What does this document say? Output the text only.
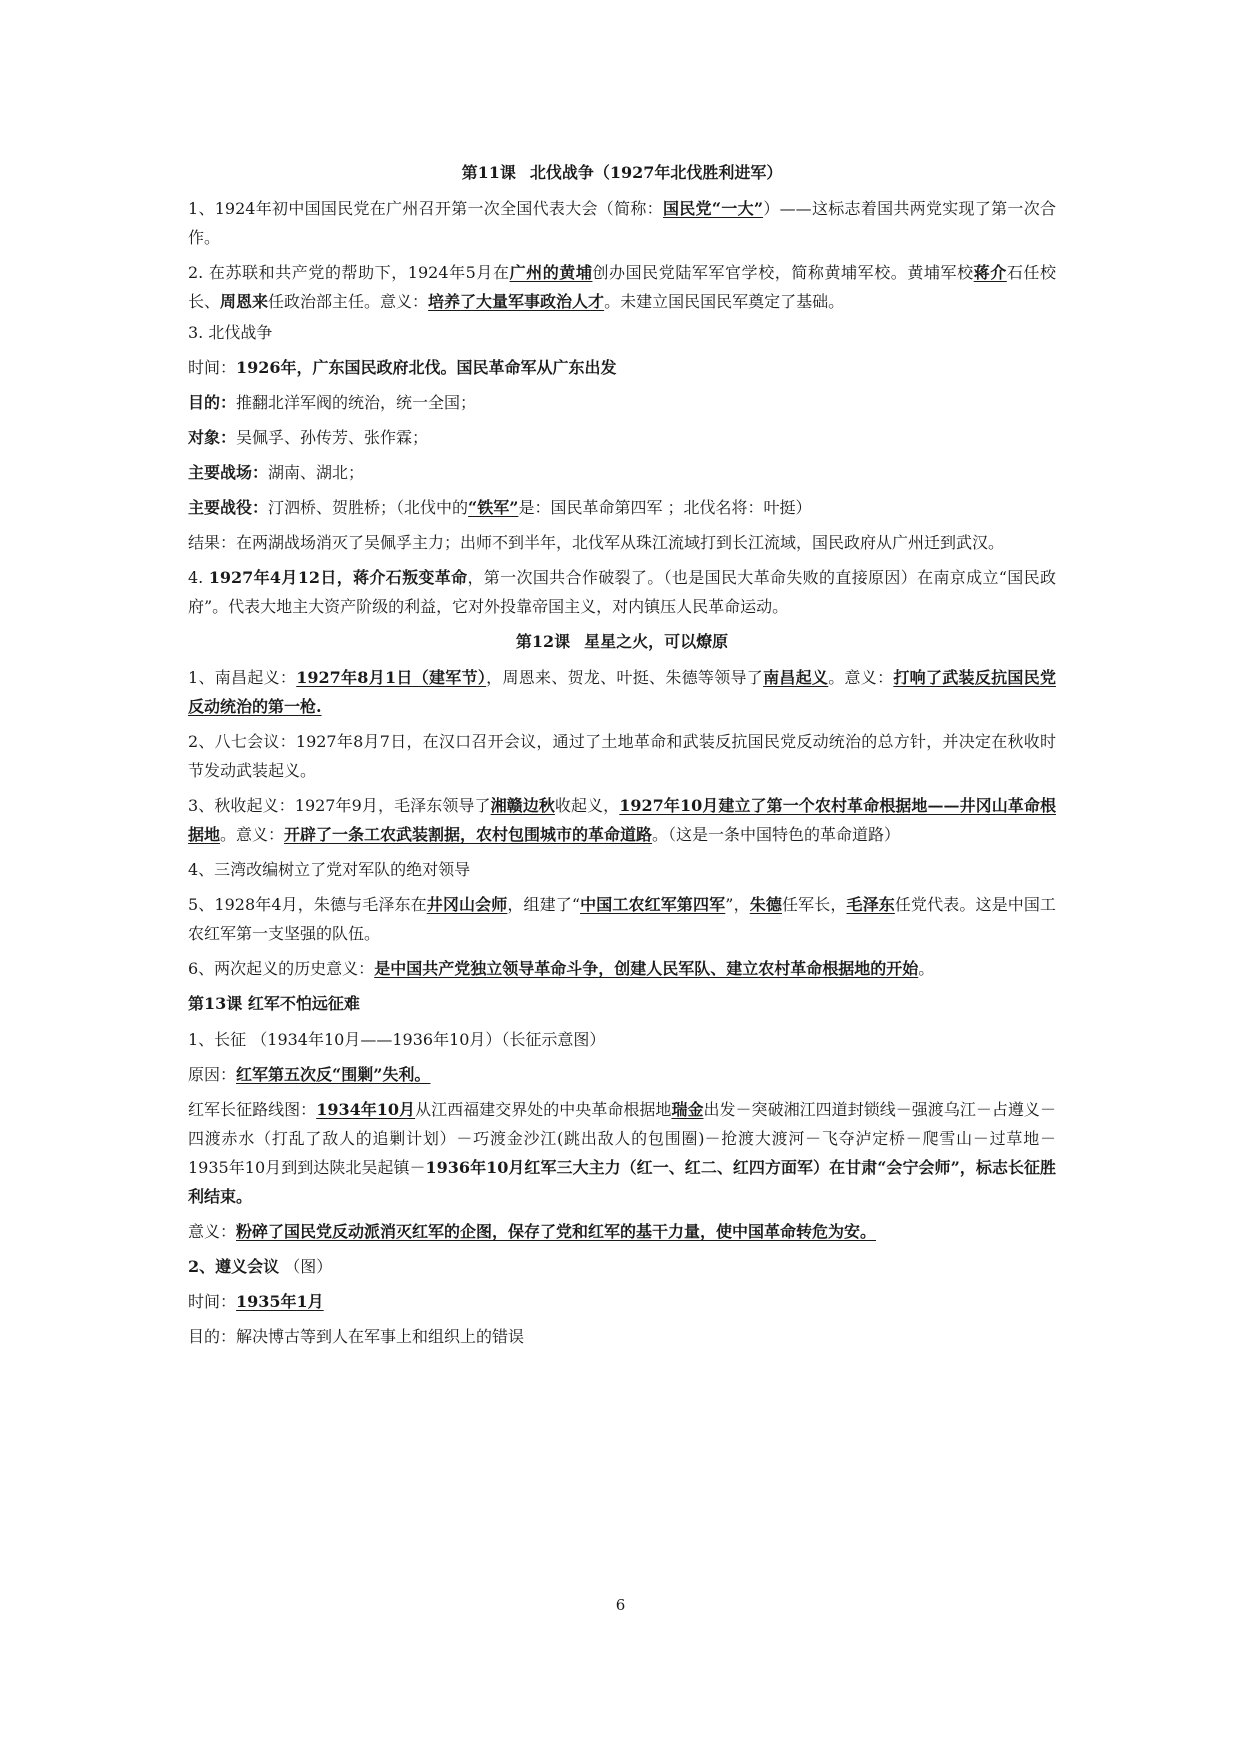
第11课 北伐战争（1927年北伐胜利进军）
1、1924年初中国国民党在广州召开第一次全国代表大会（简称：国民党“一大”）——这标志着国共两党实现了第一次合作。
2. 在苏联和共产党的帮助下，1924年5月在广州的黄埔创办国民党陆军军官学校，简称黄埔军校。黄埔军校蒋介石任校长、周恩来任政治部主任。意义：培养了大量军事政治人才。未建立国民国民军奠定了基础。
3. 北伐战争
时间：1926年，广东国民政府北伐。国民革命军从广东出发
目的：推翻北洋军阀的统治，统一全国；
对象：吴佩孚、孙传芳、张作霖；
主要战场：湖南、湖北；
主要战役：汀泗桥、贺胜桥；（北伐中的“铁军”是：国民革命第四军 ；北伐名将：叶挺）
结果：在两湖战场消灭了吴佩孚主力；出师不到半年，北伐军从珠江流域打到长江流域，国民政府从广州迁到武汉。
4. 1927年4月12日，蒋介石叛变革命，第一次国共合作破裂了。（也是国民大革命失败的直接原因）在南京成立“国民政府”。代表大地主大资产阶级的利益，它对外投靠帝国主义，对内镇压人民革命运动。
第12课 星星之火，可以燎原
1、南昌起义：1927年8月1日（建军节），周恩来、贺龙、叶挺、朱德等领导了南昌起义。意义：打响了武装反抗国民党反动统治的第一枪.
2、八七会议：1927年8月7日，在汉口召开会议，通过了土地革命和武装反抗国民党反动统治的总方针，并决定在秋收时节发动武装起义。
3、秋收起义：1927年9月，毛泽东领导了湘赣边秋收起义，1927年10月建立了第一个农村革命根据地——井冈山革命根据地。意义：开辟了一条工农武装割据，农村包围城市的革命道路。（这是一条中国特色的革命道路）
4、三湾改编树立了党对军队的绝对领导
5、1928年4月，朱德与毛泽东在井冈山会师，组建了“中国工农红军第四军”，朱德任军长，毛泽东任党代表。这是中国工农红军第一支坚强的队伍。
6、两次起义的历史意义：是中国共产党独立领导革命斗争，创建人民军队、建立农村革命根据地的开始。
第13课 红军不怕远征难
1、长征 （1934年10月——1936年10月）（长征示意图）
原因：红军第五次反“围剿”失利。
红军长征路线图：1934年10月从江西福建交界处的中央革命根据地瑞金出发－突破湘江四道封锁线－强渡乌江－占遵义－四渡赤水（打乱了敌人的追剿计划）－巧渡金沙江(跳出敌人的包围圈)－抢渡大渡河－飞夺泸定桥－爬雪山－过草地－1935年10月到到达陕北吴起镇－1936年10月红军三大主力（红一、红二、红四方面军）在甘肃“会宁会师”，标志长征胜利结束。
意义：粉碎了国民党反动派消灭红军的企图，保存了党和红军的基干力量，使中国革命转危为安。
2、遵义会议 （图）
时间：1935年1月
目的：解决博古等到人在军事上和组织上的错误
6
